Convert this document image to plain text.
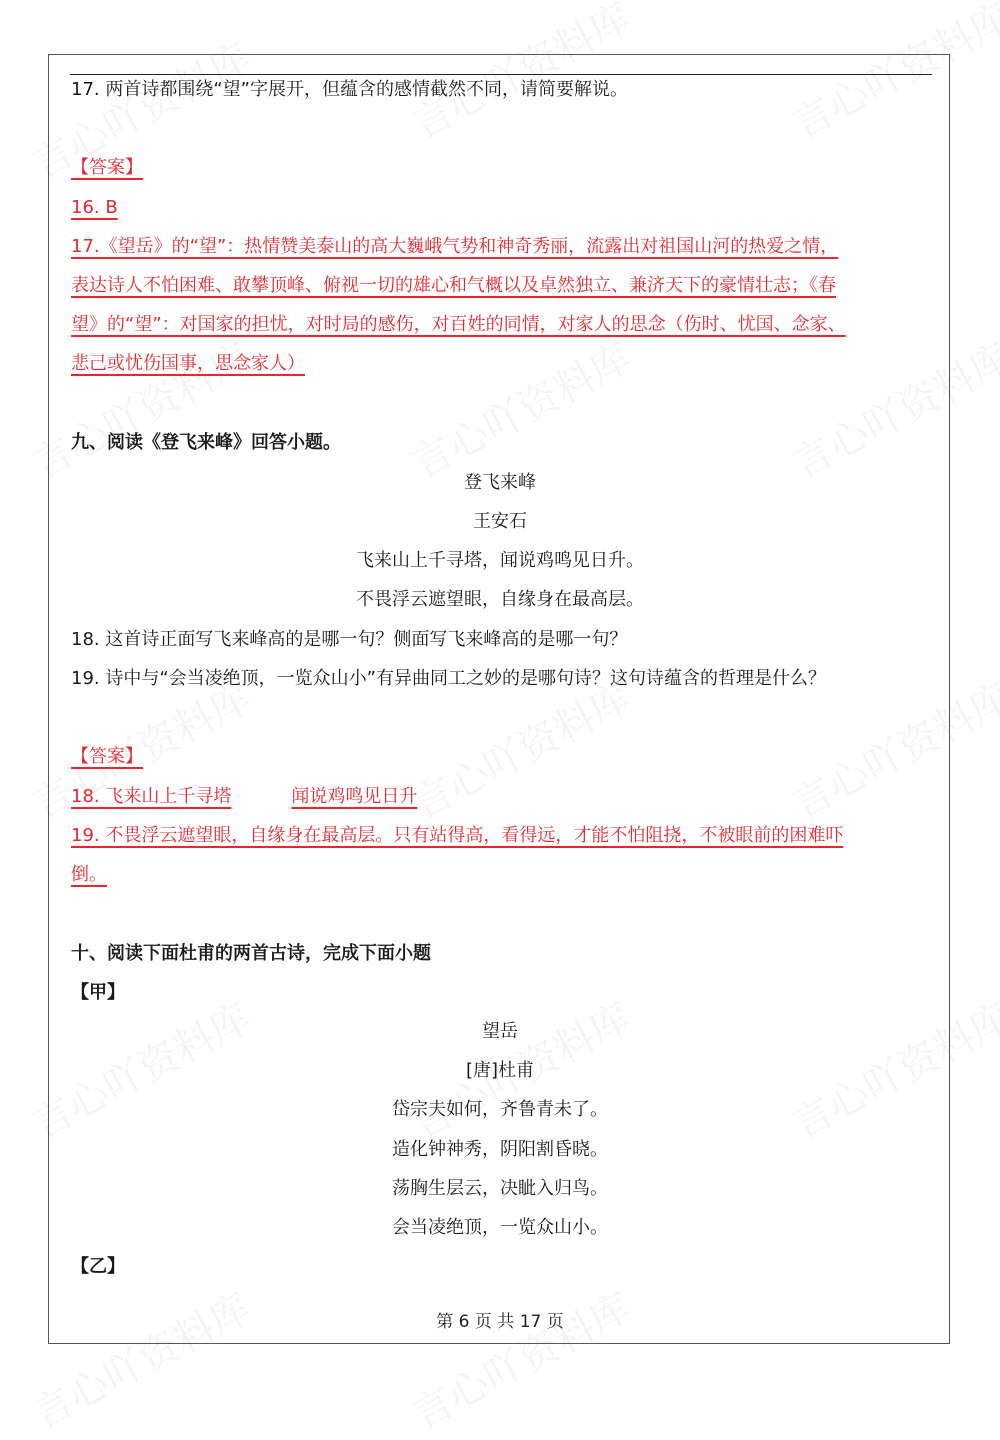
17. 两首诗都围绕“望”字展开，但蕴含的感情截然不同，请简要解说。

【答案】

16. B

17.《望岳》的“望”：热情赞美泰山的高大巍峨气势和神奇秀丽，流露出对祖国山河的热爱之情，

表达诗人不怕困难、敢攀顶峰、俯视一切的雄心和气概以及卓然独立、兼济天下的豪情壮志；《春

望》的“望”：对国家的担忧，对时局的感伤，对百姓的同情，对家人的思念（伤时、忧国、念家、

悲己或忧伤国事，思念家人）

九、阅读《登飞来峰》回答小题。

登飞来峰

王安石

飞来山上千寻塔，闻说鸡鸣见日升。

不畏浮云遮望眼，自缘身在最高层。

18. 这首诗正面写飞来峰高的是哪一句？侧面写飞来峰高的是哪一句？

19. 诗中与“会当凌绝顶，一览众山小”有异曲同工之妙的是哪句诗？这句诗蕴含的哲理是什么？

【答案】

18. 飞来山上千寻塔	闻说鸡鸣见日升

19. 不畏浮云遮望眼，自缘身在最高层。只有站得高，看得远，才能不怕阻挠，不被眼前的困难吓

倒。

十、阅读下面杜甫的两首古诗，完成下面小题

【甲】

望岳

[唐]杜甫

岱宗夫如何，齐鲁青未了。

造化钟神秀，阴阳割昏晓。

荡胸生层云，决眦入归鸟。

会当凌绝顶，一览众山小。

【乙】

第 6 页 共 17 页
